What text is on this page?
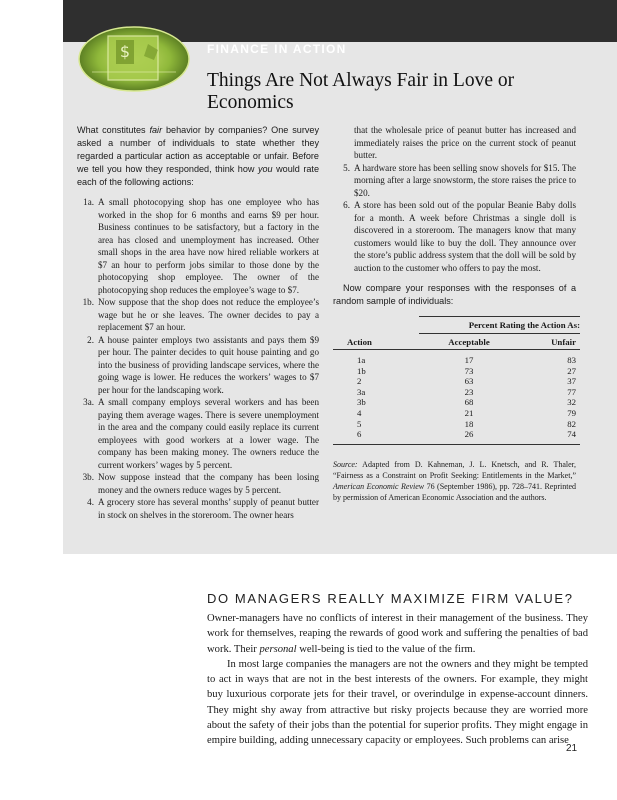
$	FINANCE IN ACTION
Things Are Not Always Fair in Love or Economics
What constitutes fair behavior by companies? One survey asked a number of individuals to state whether they regarded a particular action as acceptable or unfair. Before we tell you how they responded, think how you would rate each of the following actions:
1a. A small photocopying shop has one employee who has worked in the shop for 6 months and earns $9 per hour. Business continues to be satisfactory, but a factory in the area has closed and unemployment has increased. Other small shops in the area have now hired reliable workers at $7 an hour to perform jobs similar to those done by the photocopying shop employee. The owner of the photocopying shop reduces the employee’s wage to $7.
1b. Now suppose that the shop does not reduce the employee’s wage but he or she leaves. The owner decides to pay a replacement $7 an hour.
2. A house painter employs two assistants and pays them $9 per hour. The painter decides to quit house painting and go into the business of providing landscape services, where the going wage is lower. He reduces the workers’ wages to $7 per hour for the landscaping work.
3a. A small company employs several workers and has been paying them average wages. There is severe unemployment in the area and the company could easily replace its current employees with good workers at a lower wage. The company has been making money. The owners reduce the current workers’ wages by 5 percent.
3b. Now suppose instead that the company has been losing money and the owners reduce wages by 5 percent.
4. A grocery store has several months’ supply of peanut butter in stock on shelves in the storeroom. The owner hears
that the wholesale price of peanut butter has increased and immediately raises the price on the current stock of peanut butter.
5. A hardware store has been selling snow shovels for $15. The morning after a large snowstorm, the store raises the price to $20.
6. A store has been sold out of the popular Beanie Baby dolls for a month. A week before Christmas a single doll is discovered in a storeroom. The managers know that many customers would like to buy the doll. They announce over the store’s public address system that the doll will be sold by auction to the customer who offers to pay the most.
Now compare your responses with the responses of a random sample of individuals:
Percent Rating the Action As:
Action	Acceptable	Unfair
1a	17	83
1b	73	27
2	63	37
3a	23	77
3b	68	32
4	21	79
5	18	82
6	26	74
Source: Adapted from D. Kahneman, J. L. Knetsch, and R. Thaler, “Fairness as a Constraint on Profit Seeking: Entitlements in the Market,” American Economic Review 76 (September 1986), pp. 728–741. Reprinted by permission of American Economic Association and the authors.
DO MANAGERS REALLY MAXIMIZE FIRM VALUE?

Owner-managers have no conflicts of interest in their management of the business. They work for themselves, reaping the rewards of good work and suffering the penalties of bad work. Their personal well-being is tied to the value of the firm.

In most large companies the managers are not the owners and they might be tempted to act in ways that are not in the best interests of the owners. For example, they might buy luxurious corporate jets for their travel, or overindulge in expense-account dinners. They might shy away from attractive but risky projects because they are worried more about the safety of their jobs than the potential for superior profits. They might engage in empire building, adding unnecessary capacity or employees. Such problems can arise

21
